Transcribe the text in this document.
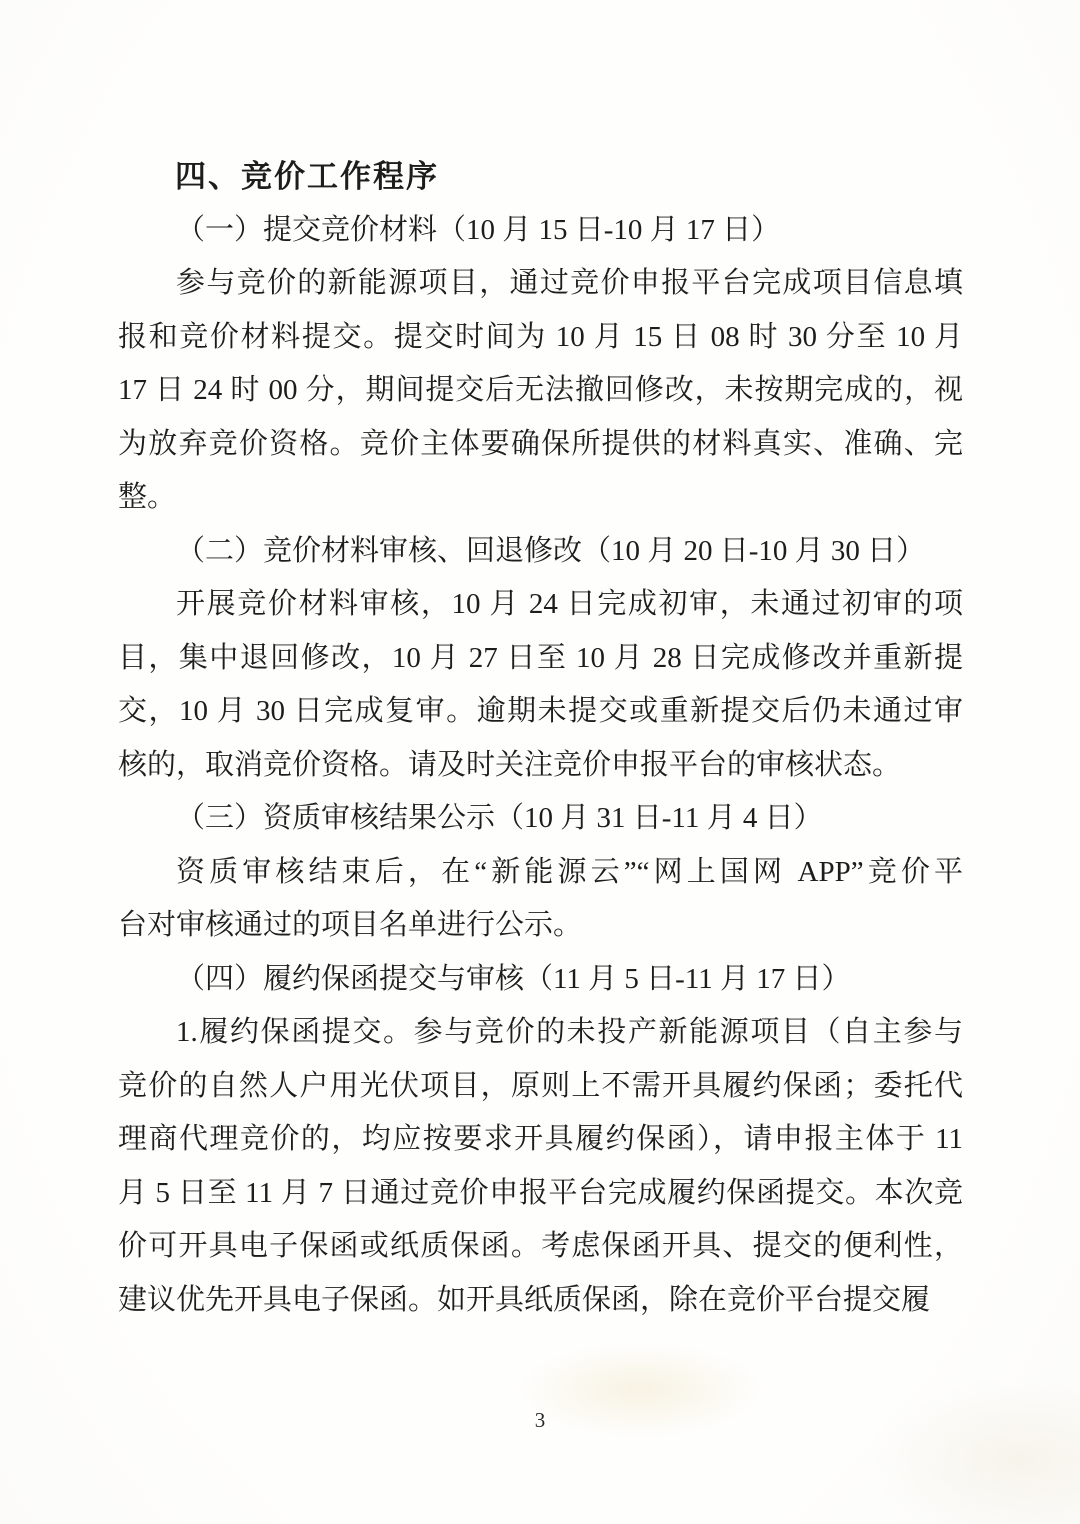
四、竞价工作程序
（一）提交竞价材料（10 月 15 日-10 月 17 日）
参与竞价的新能源项目，通过竞价申报平台完成项目信息填
报和竞价材料提交。提交时间为 10 月 15 日 08 时 30 分至 10 月
17 日 24 时 00 分，期间提交后无法撤回修改，未按期完成的，视
为放弃竞价资格。竞价主体要确保所提供的材料真实、准确、完
整。
（二）竞价材料审核、回退修改（10 月 20 日-10 月 30 日）
开展竞价材料审核，10 月 24 日完成初审，未通过初审的项
目，集中退回修改，10 月 27 日至 10 月 28 日完成修改并重新提
交，10 月 30 日完成复审。逾期未提交或重新提交后仍未通过审
核的，取消竞价资格。请及时关注竞价申报平台的审核状态。
（三）资质审核结果公示（10 月 31 日-11 月 4 日）
资质审核结束后，在“新能源云”“网上国网 APP”竞价平
台对审核通过的项目名单进行公示。
（四）履约保函提交与审核（11 月 5 日-11 月 17 日）
1.履约保函提交。参与竞价的未投产新能源项目（自主参与
竞价的自然人户用光伏项目，原则上不需开具履约保函；委托代
理商代理竞价的，均应按要求开具履约保函），请申报主体于 11
月 5 日至 11 月 7 日通过竞价申报平台完成履约保函提交。本次竞
价可开具电子保函或纸质保函。考虑保函开具、提交的便利性，
建议优先开具电子保函。如开具纸质保函，除在竞价平台提交履
3
